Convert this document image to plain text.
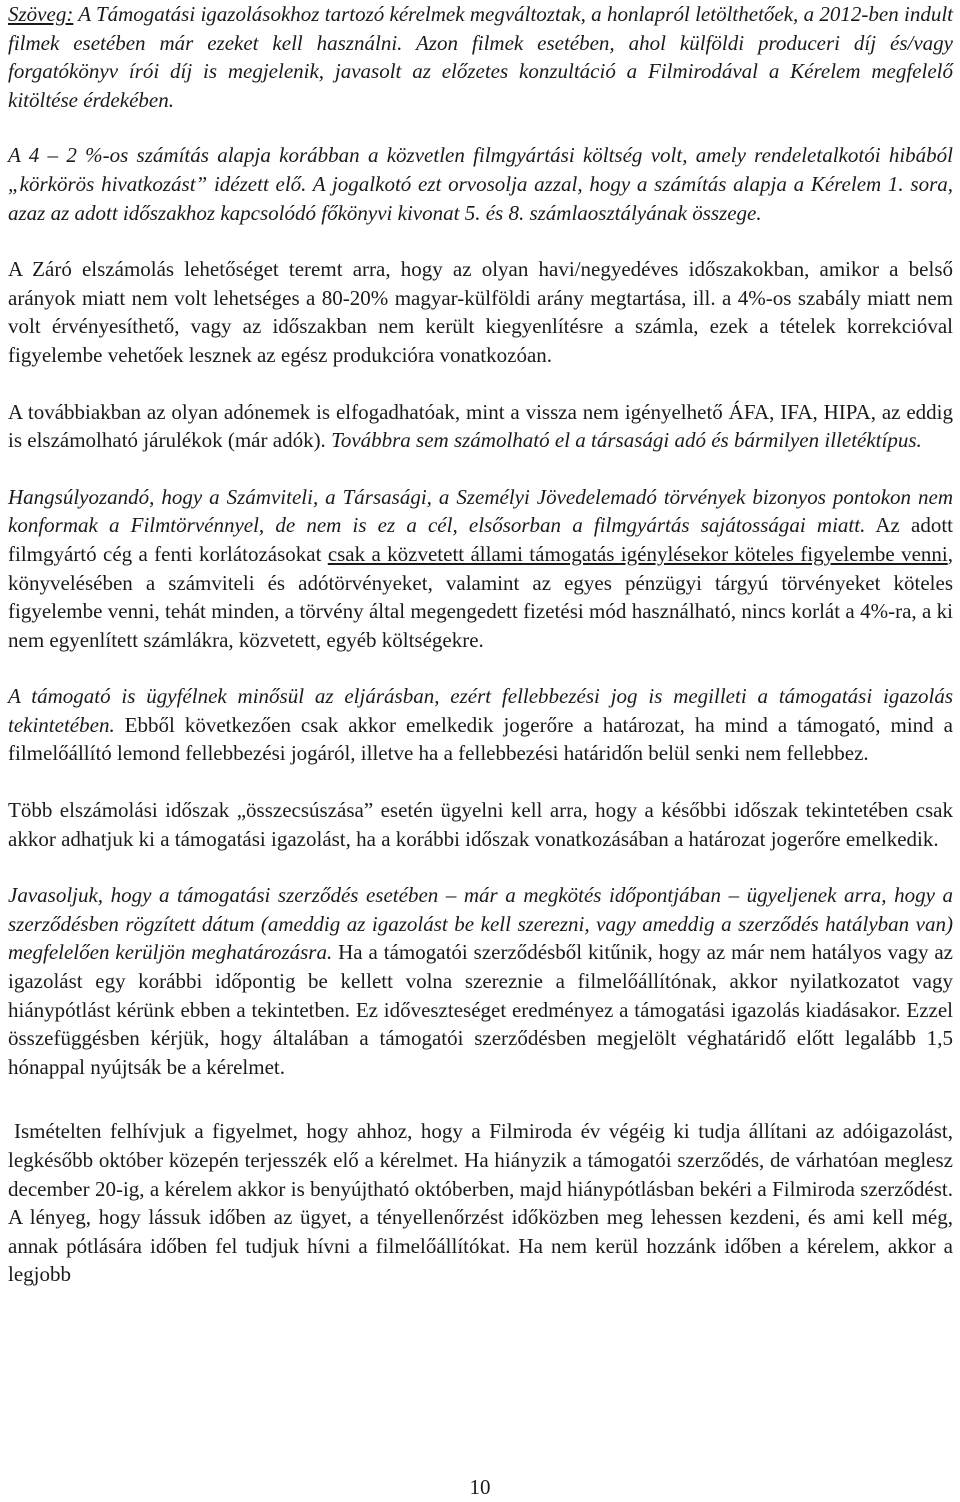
Szöveg: A Támogatási igazolásokhoz tartozó kérelmek megváltoztak, a honlapról letölthetőek, a 2012-ben indult filmek esetében már ezeket kell használni. Azon filmek esetében, ahol külföldi produceri díj és/vagy forgatókönyv írói díj is megjelenik, javasolt az előzetes konzultáció a Filmirodával a Kérelem megfelelő kitöltése érdekében.

A 4 – 2 %-os számítás alapja korábban a közvetlen filmgyártási költség volt, amely rendeletalkotói hibából „körkörös hivatkozást” idézett elő. A jogalkotó ezt orvosolja azzal, hogy a számítás alapja a Kérelem 1. sora, azaz az adott időszakhoz kapcsolódó főkönyvi kivonat 5. és 8. számlaosztályának összege.

A Záró elszámolás lehetőséget teremt arra, hogy az olyan havi/negyedéves időszakokban, amikor a belső arányok miatt nem volt lehetséges a 80-20% magyar-külföldi arány megtartása, ill. a 4%-os szabály miatt nem volt érvényesíthető, vagy az időszakban nem került kiegyenlítésre a számla, ezek a tételek korrekcióval figyelembe vehetőek lesznek az egész produkcióra vonatkozóan.

A továbbiakban az olyan adónemek is elfogadhatóak, mint a vissza nem igényelhető ÁFA, IFA, HIPA, az eddig is elszámolható járulékok (már adók). Továbbra sem számolható el a társasági adó és bármilyen illetéktípus.

Hangsúlyozandó, hogy a Számviteli, a Társasági, a Személyi Jövedelemadó törvények bizonyos pontokon nem konformak a Filmtörvénnyel, de nem is ez a cél, elsősorban a filmgyártás sajátosságai miatt. Az adott filmgyártó cég a fenti korlátozásokat csak a közvetett állami támogatás igénylésekor köteles figyelembe venni, könyvelésében a számviteli és adótörvényeket, valamint az egyes pénzügyi tárgyú törvényeket köteles figyelembe venni, tehát minden, a törvény által megengedett fizetési mód használható, nincs korlát a 4%-ra, a ki nem egyenlített számlákra, közvetett, egyéb költségekre.

A támogató is ügyfélnek minősül az eljárásban, ezért fellebbezési jog is megilleti a támogatási igazolás tekintetében. Ebből következően csak akkor emelkedik jogerőre a határozat, ha mind a támogató, mind a filmelőállító lemond fellebbezési jogáról, illetve ha a fellebbezési határidőn belül senki nem fellebbez.

Több elszámolási időszak „összecsúszása” esetén ügyelni kell arra, hogy a későbbi időszak tekintetében csak akkor adhatjuk ki a támogatási igazolást, ha a korábbi időszak vonatkozásában a határozat jogerőre emelkedik.

Javasoljuk, hogy a támogatási szerződés esetében – már a megkötés időpontjában – ügyeljenek arra, hogy a szerződésben rögzített dátum (ameddig az igazolást be kell szerezni, vagy ameddig a szerződés hatályban van) megfelelően kerüljön meghatározásra. Ha a támogatói szerződésből kitűnik, hogy az már nem hatályos vagy az igazolást egy korábbi időpontig be kellett volna szereznie a filmelőállítónak, akkor nyilatkozatot vagy hiánypótlást kérünk ebben a tekintetben. Ez időveszteséget eredményez a támogatási igazolás kiadásakor. Ezzel összefüggésben kérjük, hogy általában a támogatói szerződésben megjelölt véghatáridő előtt legalább 1,5 hónappal nyújtsák be a kérelmet.

Ismételten felhívjuk a figyelmet, hogy ahhoz, hogy a Filmiroda év végéig ki tudja állítani az adóigazolást, legkésőbb október közepén terjesszék elő a kérelmet. Ha hiányzik a támogatói szerződés, de várhatóan meglesz december 20-ig, a kérelem akkor is benyújtható októberben, majd hiánypótlásban bekéri a Filmiroda szerződést. A lényeg, hogy lássuk időben az ügyet, a tényellenőrzést időközben meg lehessen kezdeni, és ami kell még, annak pótlására időben fel tudjuk hívni a filmelőállítókat. Ha nem kerül hozzánk időben a kérelem, akkor a legjobb

10
